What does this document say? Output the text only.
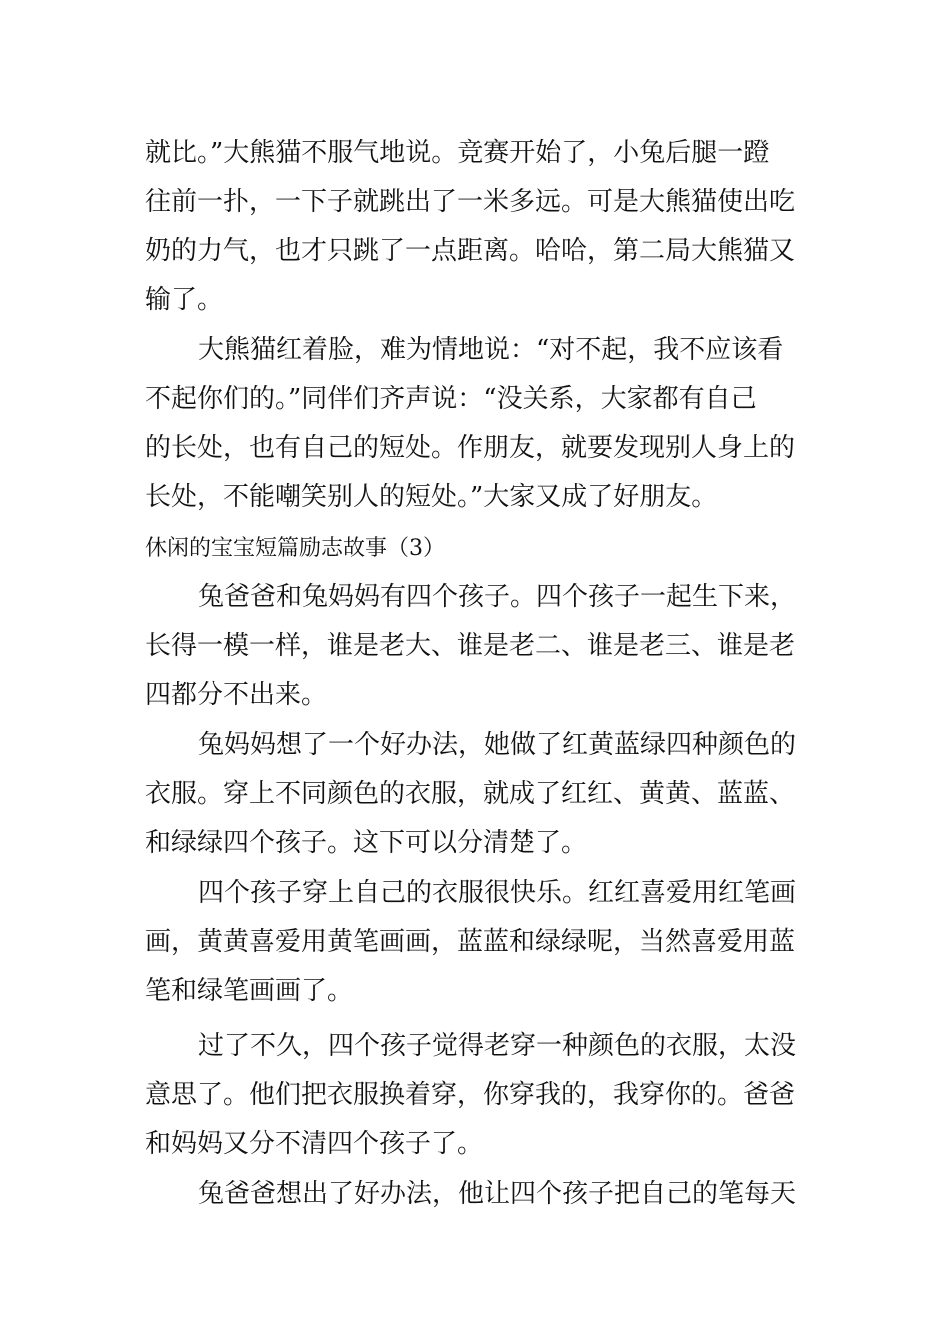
就比。”大熊猫不服气地说。竞赛开始了，小兔后腿一蹬
往前一扑，一下子就跳出了一米多远。可是大熊猫使出吃
奶的力气，也才只跳了一点距离。哈哈，第二局大熊猫又
输了。
大熊猫红着脸，难为情地说：“对不起，我不应该看
不起你们的。”同伴们齐声说：“没关系，大家都有自己
的长处，也有自己的短处。作朋友，就要发现别人身上的
长处，不能嘲笑别人的短处。”大家又成了好朋友。
休闲的宝宝短篇励志故事（3）
兔爸爸和兔妈妈有四个孩子。四个孩子一起生下来，
长得一模一样，谁是老大、谁是老二、谁是老三、谁是老
四都分不出来。
兔妈妈想了一个好办法，她做了红黄蓝绿四种颜色的
衣服。穿上不同颜色的衣服，就成了红红、黄黄、蓝蓝、
和绿绿四个孩子。这下可以分清楚了。
四个孩子穿上自己的衣服很快乐。红红喜爱用红笔画
画，黄黄喜爱用黄笔画画，蓝蓝和绿绿呢，当然喜爱用蓝
笔和绿笔画画了。
过了不久，四个孩子觉得老穿一种颜色的衣服，太没
意思了。他们把衣服换着穿，你穿我的，我穿你的。爸爸
和妈妈又分不清四个孩子了。
兔爸爸想出了好办法，他让四个孩子把自己的笔每天
